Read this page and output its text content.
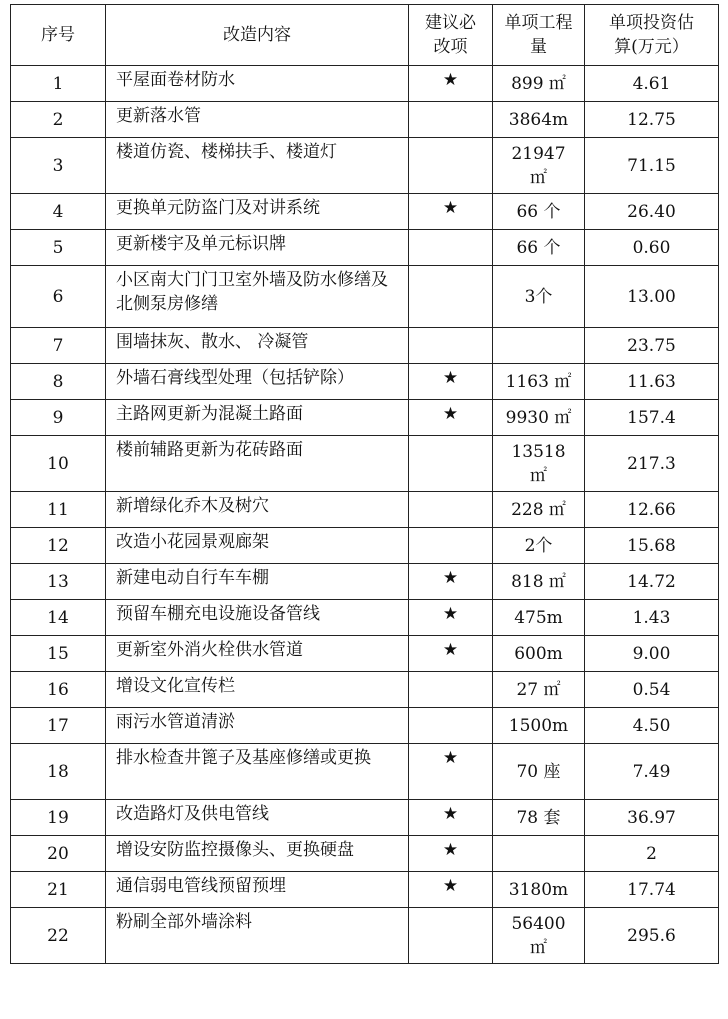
序号	改造内容	建议必改项	单项工程量	单项投资估算(万元）
1	平屋面卷材防水	★	899 ㎡	4.61
2	更新落水管		3864m	12.75
3	楼道仿瓷、楼梯扶手、楼道灯		21947 ㎡	71.15
4	更换单元防盗门及对讲系统	★	66 个	26.40
5	更新楼宇及单元标识牌		66 个	0.60
6	小区南大门门卫室外墙及防水修缮及北侧泵房修缮		3个	13.00
7	围墙抹灰、散水、 冷凝管			23.75
8	外墙石膏线型处理（包括铲除）	★	1163 ㎡	11.63
9	主路网更新为混凝土路面	★	9930 ㎡	157.4
10	楼前辅路更新为花砖路面		13518 ㎡	217.3
11	新增绿化乔木及树穴		228 ㎡	12.66
12	改造小花园景观廊架		2个	15.68
13	新建电动自行车车棚	★	818 ㎡	14.72
14	预留车棚充电设施设备管线	★	475m	1.43
15	更新室外消火栓供水管道	★	600m	9.00
16	增设文化宣传栏		27 ㎡	0.54
17	雨污水管道清淤		1500m	4.50
18	排水检查井篦子及基座修缮或更换	★	70 座	7.49
19	改造路灯及供电管线	★	78 套	36.97
20	增设安防监控摄像头、更换硬盘	★		2
21	通信弱电管线预留预埋	★	3180m	17.74
22	粉刷全部外墙涂料		56400 ㎡	295.6
